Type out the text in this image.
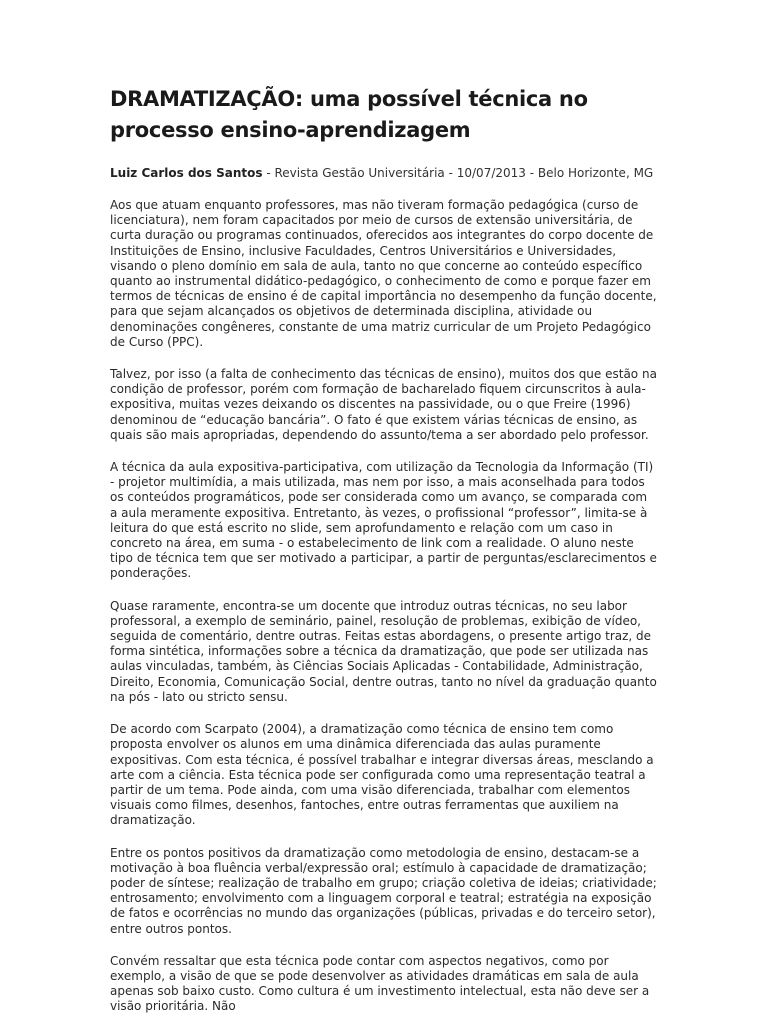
DRAMATIZAÇÃO: uma possível técnica no processo ensino-aprendizagem
Luiz Carlos dos Santos - Revista Gestão Universitária - 10/07/2013 - Belo Horizonte, MG

Aos que atuam enquanto professores, mas não tiveram formação pedagógica (curso de licenciatura), nem foram capacitados por meio de cursos de extensão universitária, de curta duração ou programas continuados, oferecidos aos integrantes do corpo docente de Instituições de Ensino, inclusive Faculdades, Centros Universitários e Universidades, visando o pleno domínio em sala de aula, tanto no que concerne ao conteúdo específico quanto ao instrumental didático-pedagógico, o conhecimento de como e porque fazer em termos de técnicas de ensino é de capital importância no desempenho da função docente, para que sejam alcançados os objetivos de determinada disciplina, atividade ou denominações congêneres, constante de uma matriz curricular de um Projeto Pedagógico de Curso (PPC).

Talvez, por isso (a falta de conhecimento das técnicas de ensino), muitos dos que estão na condição de professor, porém com formação de bacharelado fiquem circunscritos à aula-expositiva, muitas vezes deixando os discentes na passividade, ou o que Freire (1996) denominou de “educação bancária”. O fato é que existem várias técnicas de ensino, as quais são mais apropriadas, dependendo do assunto/tema a ser abordado pelo professor.

A técnica da aula expositiva-participativa, com utilização da Tecnologia da Informação (TI) - projetor multimídia, a mais utilizada, mas nem por isso, a mais aconselhada para todos os conteúdos programáticos, pode ser considerada como um avanço, se comparada com a aula meramente expositiva. Entretanto, às vezes, o profissional “professor”, limita-se à leitura do que está escrito no slide, sem aprofundamento e relação com um caso in concreto na área, em suma - o estabelecimento de link com a realidade. O aluno neste tipo de técnica tem que ser motivado a participar, a partir de perguntas/esclarecimentos e ponderações.

Quase raramente, encontra-se um docente que introduz outras técnicas, no seu labor professoral, a exemplo de seminário, painel, resolução de problemas, exibição de vídeo, seguida de comentário, dentre outras. Feitas estas abordagens, o presente artigo traz, de forma sintética, informações sobre a técnica da dramatização, que pode ser utilizada nas aulas vinculadas, também, às Ciências Sociais Aplicadas - Contabilidade, Administração, Direito, Economia, Comunicação Social, dentre outras, tanto no nível da graduação quanto na pós - lato ou stricto sensu.

De acordo com Scarpato (2004), a dramatização como técnica de ensino tem como proposta envolver os alunos em uma dinâmica diferenciada das aulas puramente expositivas. Com esta técnica, é possível trabalhar e integrar diversas áreas, mesclando a arte com a ciência. Esta técnica pode ser configurada como uma representação teatral a partir de um tema. Pode ainda, com uma visão diferenciada, trabalhar com elementos visuais como filmes, desenhos, fantoches, entre outras ferramentas que auxiliem na dramatização.

Entre os pontos positivos da dramatização como metodologia de ensino, destacam-se a motivação à boa fluência verbal/expressão oral; estímulo à capacidade de dramatização; poder de síntese; realização de trabalho em grupo; criação coletiva de ideias; criatividade; entrosamento; envolvimento com a linguagem corporal e teatral; estratégia na exposição de fatos e ocorrências no mundo das organizações (públicas, privadas e do terceiro setor), entre outros pontos.

Convém ressaltar que esta técnica pode contar com aspectos negativos, como por exemplo, a visão de que se pode desenvolver as atividades dramáticas em sala de aula apenas sob baixo custo. Como cultura é um investimento intelectual, esta não deve ser a visão prioritária. Não
